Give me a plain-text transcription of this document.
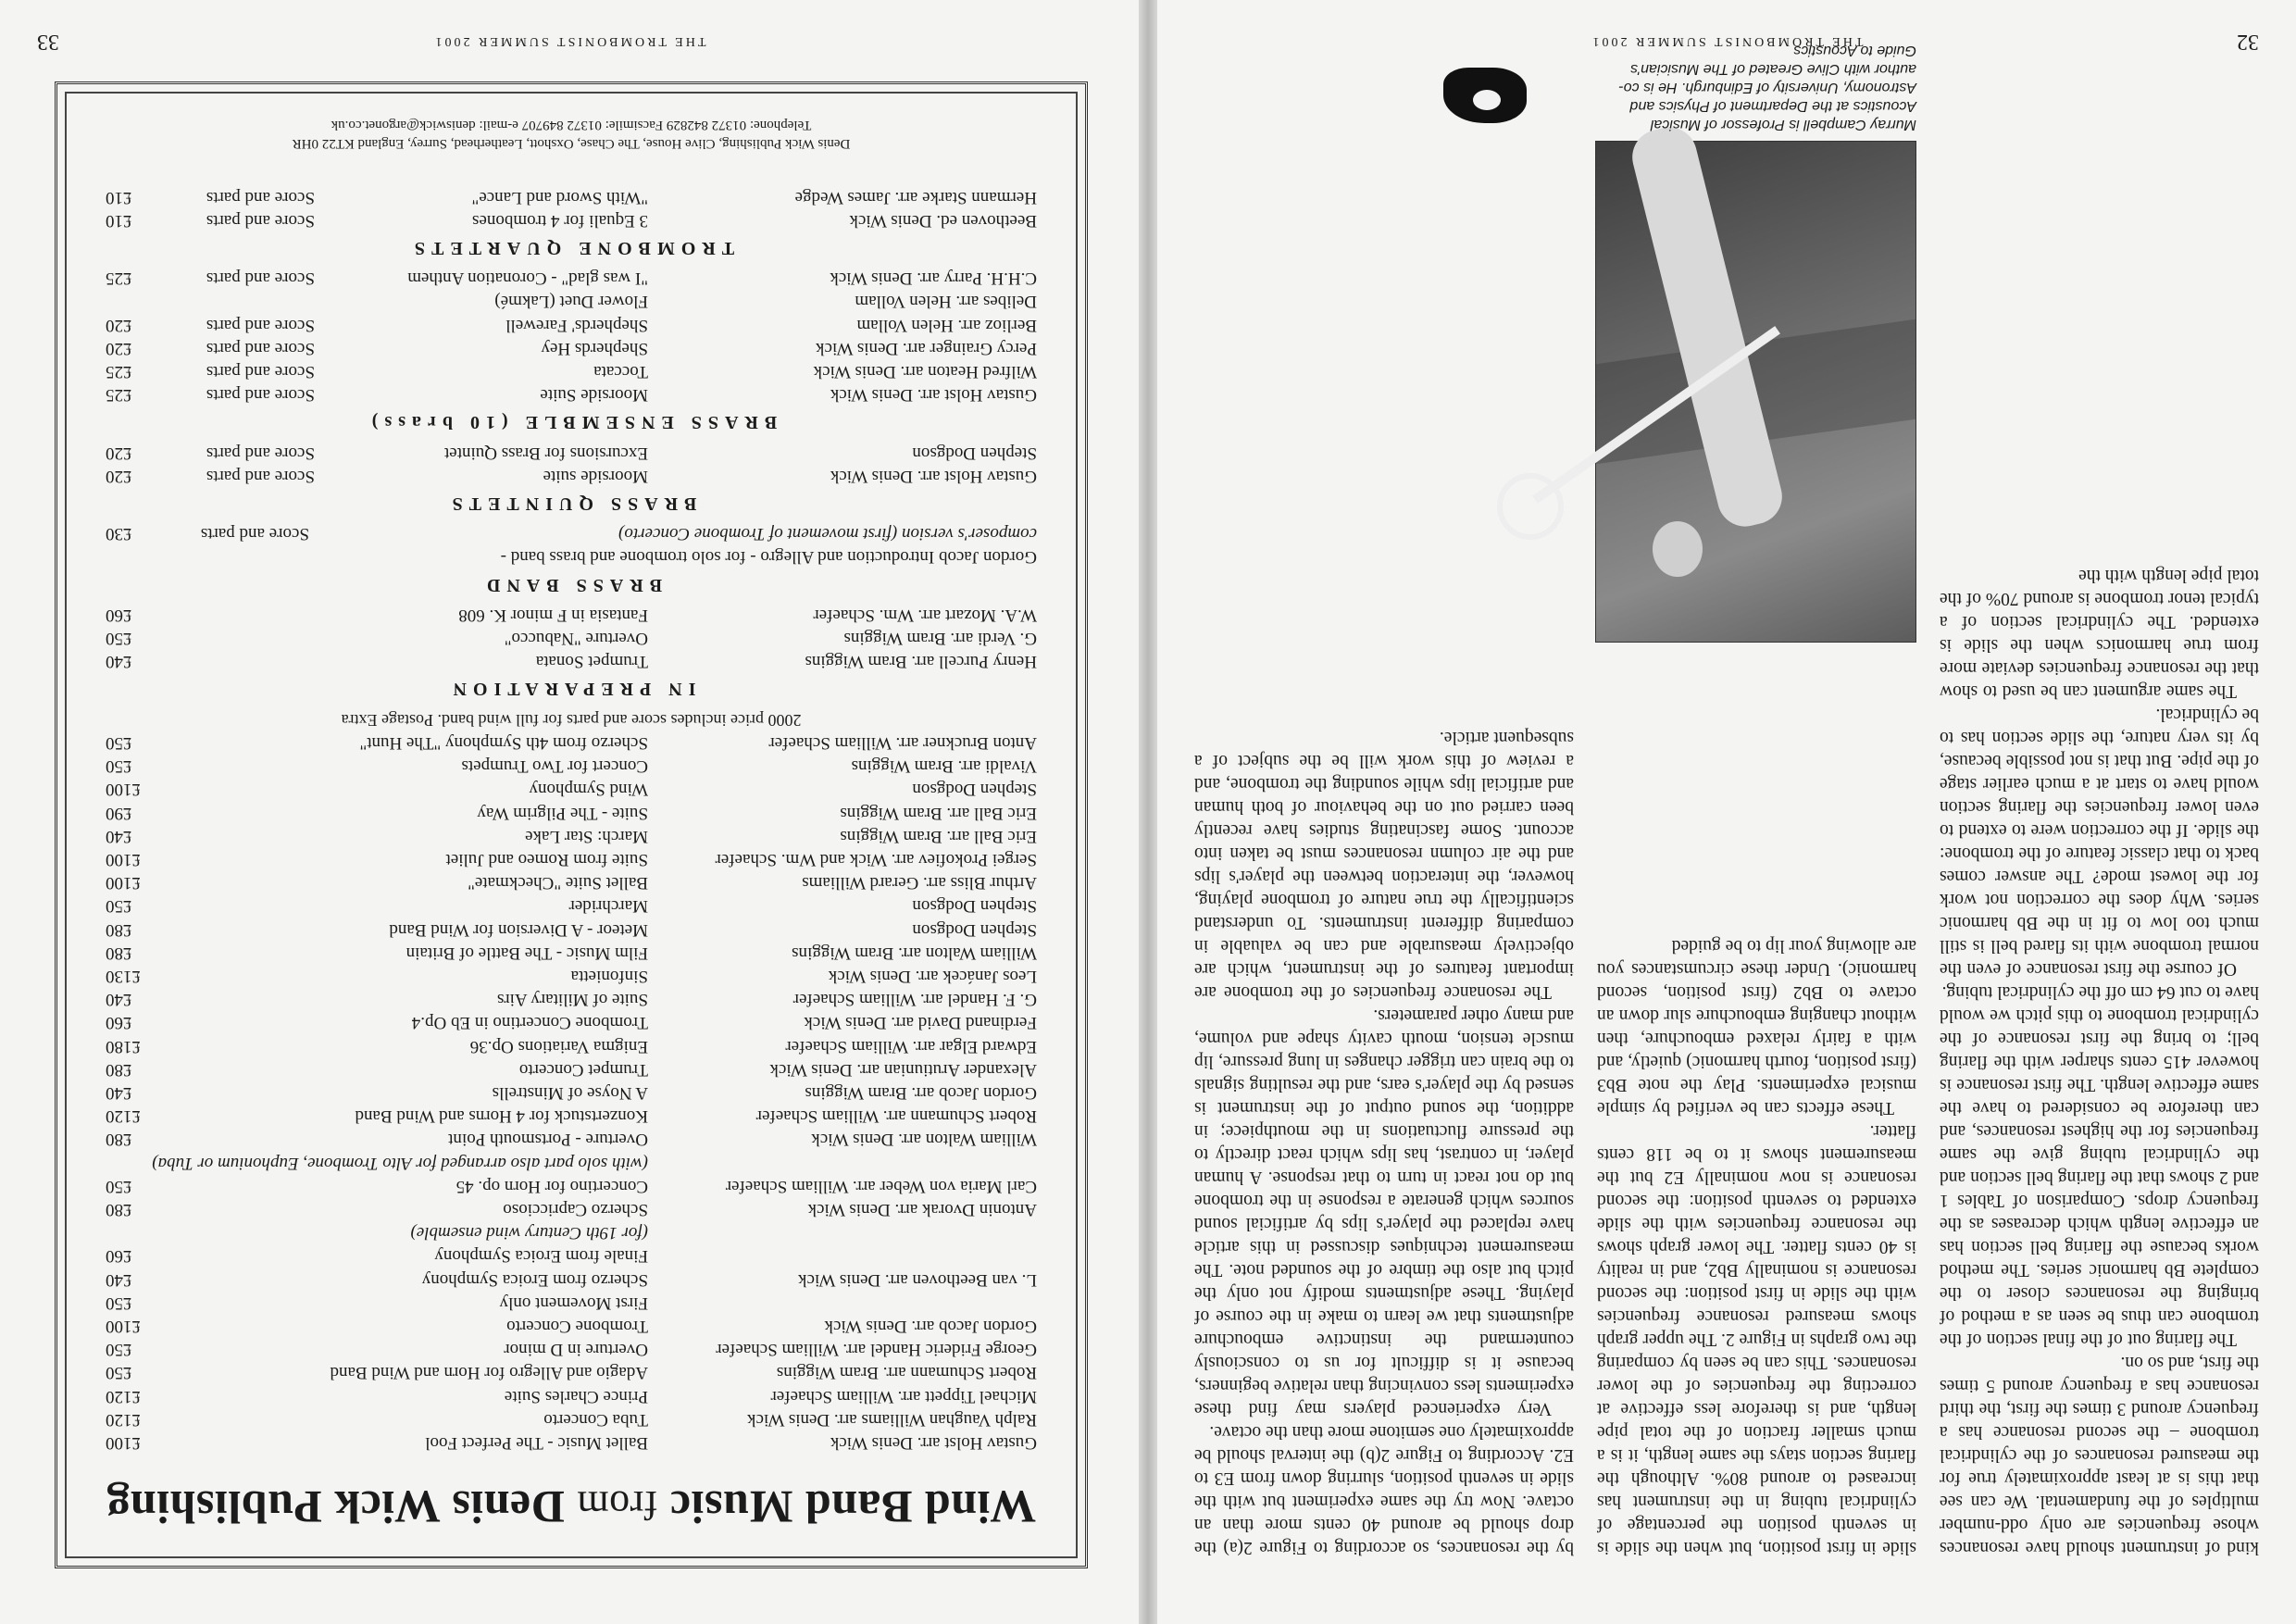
THE TROMBONIST SUMMER 2001	32

kind of instrument should have resonances whose frequencies are only odd-number multiples of the fundamental. We can see that this is at least approximately true for the measured resonances of the cylindrical trombone – the second resonance has a frequency around 3 times the first, the third resonance has a frequency around 5 times the first, and so on.

The flaring out of the final section of the trombone can thus be seen as a method of bringing the resonances closer to the complete Bb harmonic series. The method works because the flaring bell section has an effective length which decreases as the frequency drops. Comparison of Tables 1 and 2 shows that the flaring bell section and the cylindrical tubing give the same frequencies for the highest resonances, and can therefore be considered to have the same effective length. The first resonance is however 415 cents sharper with the flaring bell; to bring the first resonance of the cylindrical trombone to this pitch we would have to cut 64 cm off the cylindrical tubing.

Of course the first resonance of even the normal trombone with its flared bell is still much too low to fit in the Bb harmonic series. Why does the correction not work for the lowest mode? The answer comes back to that classic feature of the trombone: the slide. If the correction were to extend to even lower frequencies the flaring section would have to start at a much earlier stage of the pipe. But that is not possible because, by its very nature, the slide section has to be cylindrical.

The same argument can be used to show that the resonance frequencies deviate more from true harmonics when the slide is extended. The cylindrical section of a typical tenor trombone is around 70% of the total pipe length with the

slide in first position, but when the slide is in seventh position the percentage of cylindrical tubing in the instrument has increased to around 80%. Although the flaring section stays the same length, it is a much smaller fraction of the total pipe length, and is therefore less effective at correcting the frequencies of the lower resonances. This can be seen by comparing the two graphs in Figure 2. The upper graph shows measured resonance frequencies with the slide in first position: the second resonance is nominally Bb2, and in reality is 40 cents flatter. The lower graph shows the resonance frequencies with the slide extended to seventh position: the second resonance is now nominally E2 but the measurement shows it to be 118 cents flatter.

These effects can be verified by simple musical experiments. Play the note Bb3 (first position, fourth harmonic) quietly, and with a fairly relaxed embouchure, then without changing embouchure slur down an octave to Bb2 (first position, second harmonic). Under these circumstances you are allowing your lip to be guided

by the resonances, so according to Figure 2(a) the drop should be around 40 cents more than an octave. Now try the same experiment but with the slide in seventh position, slurring down from E3 to E2. According to Figure 2(b) the interval should be approximately one semitone more than the octave.

Very experienced players may find these experiments less convincing than relative beginners, because it is difficult for us to consciously countermand the instinctive embouchure adjustments that we learn to make in the course of playing. These adjustments modify not only the pitch but also the timbre of the sounded note. The measurement techniques discussed in this article have replaced the player's lips by artificial sound sources which generate a response in the trombone but do not react in turn to that response. A human player, in contrast, has lips which react directly to the pressure fluctuations in the mouthpiece; in addition, the sound output of the instrument is sensed by the player's ears, and the resulting signals to the brain can trigger changes in lung pressure, lip muscle tension, mouth cavity shape and volume, and many other parameters.

The resonance frequencies of the trombone are important features of the instrument, which are objectively measurable and can be valuable in comparing different instruments. To understand scientifically the true nature of trombone playing, however, the interaction between the player's lips and the air column resonances must be taken into account. Some fascinating studies have recently been carried out on the behaviour of both human and artificial lips while sounding the trombone, and a review of this work will be the subject of a subsequent article.

Murray Campbell is Professor of Musical Acoustics at the Department of Physics and Astronomy, University of Edinburgh. He is co-author with Clive Greated of The Musician's Guide to Acoustics
THE TROMBONIST SUMMER 2001
33
Wind Band Music from Denis Wick Publishing
Gustav Holst arr. Denis Wick
Ballet Music - The Perfect Fool
£100
Ralph Vaughan Williams arr. Denis Wick
Tuba Concerto
£120
Michael Tippett arr. William Schaefer
Prince Charles Suite
£120
Robert Schumann arr. Bram Wiggins
Adagio and Allegro for Horn and Wind Band
£50
George Frideric Handel arr. William Schaefer
Overture in D minor
£50
Gordon Jacob arr. Denis Wick
Trombone Concerto
£100
First Movement only
£50
L. van Beethoven arr. Denis Wick
Scherzo from Eroica Symphony
£40
Finale from Eroica Symphony
£60
(for 19th Century wind ensemble)
Antonin Dvorak arr. Denis Wick
Scherzo Capriccioso
£80
Carl Maria von Weber arr. William Schaefer
Concertino for Horn op. 45
£50
(with solo part also arranged for Alto Trombone, Euphonium or Tuba)
William Walton arr. Denis Wick
Overture - Portsmouth Point
£80
Robert Schumann arr. William Schaefer
Konzertstuck for 4 Horns and Wind Band
£120
Gordon Jacob arr. Bram Wiggins
A Noyse of Minstrells
£40
Alexander Arutiunian arr. Denis Wick
Trumpet Concerto
£80
Edward Elgar arr. William Schaefer
Enigma Variations Op.36
£180
Ferdinand David arr. Denis Wick
Trombone Concertino in Eb Op.4
£60
G. F. Handel arr. William Schaefer
Suite of Military Airs
£40
Leos Janácek arr. Denis Wick
Sinfonietta
£130
William Walton arr. Bram Wiggins
Film Music - The Battle of Britain
£80
Stephen Dodgson
Meteor - A Diversion for Wind Band
£80
Stephen Dodgson
Marchrider
£50
Arthur Bliss arr. Gerard Williams
Ballet Suite "Checkmate"
£100
Sergei Prokofiev arr. Wick and Wm. Schaefer
Suite from Romeo and Juliet
£100
Eric Ball arr. Bram Wiggins
March: Star Lake
£40
Eric Ball arr. Bram Wiggins
Suite - The Pilgrim Way
£90
Stephen Dodgson
Wind Symphony
£100
Vivaldi arr. Bram Wiggins
Concert for Two Trumpets
£50
Anton Bruckner arr. William Schaefer
Scherzo from 4th Symphony "The Hunt"
£50
2000 price includes score and parts for full wind band. Postage Extra
IN PREPARATION
Henry Purcell arr. Bram Wiggins
Trumpet Sonata
£40
G. Verdi arr. Bram Wiggins
Overture "Nabucco"
£50
W.A. Mozart arr. Wm. Schaefer
Fantasia in F minor K. 608
£60
BRASS BAND
Gordon Jacob Introduction and Allegro - for solo trombone and brass band -
composer's version (first movement of Trombone Concerto)
Score and parts
£30
BRASS QUINTETS
Gustav Holst arr. Denis Wick
Moorside suite
Score and parts
£20
Stephen Dodgson
Excursions for Brass Quintet
Score and parts
£20
BRASS ENSEMBLE (10 brass)
Gustav Holst arr. Denis Wick
Moorside Suite
Score and parts
£25
Wilfred Heaton arr. Denis Wick
Toccata
Score and parts
£25
Percy Grainger arr. Denis Wick
Shepherds Hey
Score and parts
£20
Berlioz arr. Helen Vollam
Shepherds' Farewell
Score and parts
£20
Delibes arr. Helen Vollam
Flower Duet (Lakmé)
C.H.H. Parry arr. Denis Wick
"I was glad" - Coronation Anthem
Score and parts
£25
TROMBONE QUARTETS
Beethoven ed. Denis Wick
3 Equali for 4 trombones
Score and parts
£10
Hermann Starke arr. James Wedge
"With Sword and Lance"
Score and parts
£10
Denis Wick Publishing, Clive House, The Chase, Oxshott, Leatherhead, Surrey, England KT22 0HR
Telephone: 01372 842829 Facsimile: 01372 849707 e-mail: deniswick@argonet.co.uk
